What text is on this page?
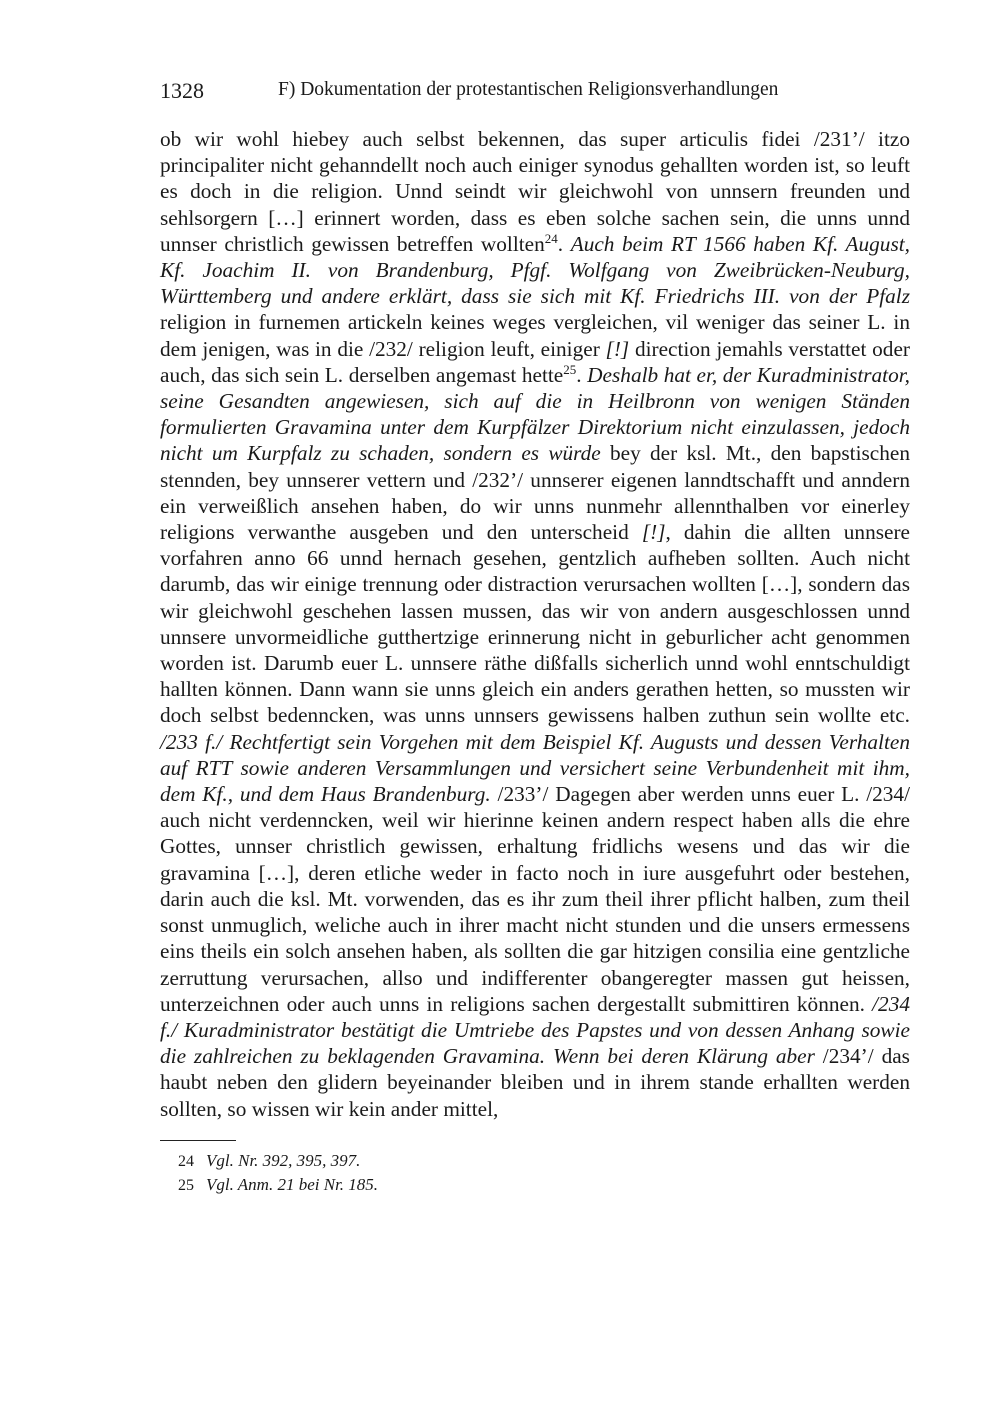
1328	F) Dokumentation der protestantischen Religionsverhandlungen
ob wir wohl hiebey auch selbst bekennen, das super articulis fidei /231’/ itzo principaliter nicht gehanndellt noch auch einiger synodus gehallten worden ist, so leuft es doch in die religion. Unnd seindt wir gleichwohl von unnsern freunden und sehlsorgern […] erinnert worden, dass es eben solche sachen sein, die unns unnd unnser christlich gewissen betreffen wollten$^{24}$. Auch beim RT 1566 haben Kf. August, Kf. Joachim II. von Brandenburg, Pfgf. Wolfgang von Zweibrücken-Neuburg, Württemberg und andere erklärt, dass sie sich mit Kf. Friedrichs III. von der Pfalz religion in furnemen artickeln keines weges vergleichen, vil weniger das seiner L. in dem jenigen, was in die /232/ religion leuft, einiger [!] direction jemahls verstattet oder auch, das sich sein L. derselben angemast hette$^{25}$. Deshalb hat er, der Kuradministrator, seine Gesandten angewiesen, sich auf die in Heilbronn von wenigen Ständen formulierten Gravamina unter dem Kurpfälzer Direktorium nicht einzulassen, jedoch nicht um Kurpfalz zu schaden, sondern es würde bey der ksl. Mt., den bapstischen stennden, bey unnserer vettern und /232’/ unnserer eigenen lanndtschafft und anndern ein verweißlich ansehen haben, do wir unns nunmehr allennthalben vor einerley religions verwanthe ausgeben und den unterscheid [!], dahin die allten unnsere vorfahren anno 66 unnd hernach gesehen, gentzlich aufheben sollten. Auch nicht darumb, das wir einige trennung oder distraction verursachen wollten […], sondern das wir gleichwohl geschehen lassen mussen, das wir von andern ausgeschlossen unnd unnsere unvormeidliche gutthertzige erinnerung nicht in geburlicher acht genommen worden ist. Darumb euer L. unnsere räthe dißfalls sicherlich unnd wohl enntschuldigt hallten können. Dann wann sie unns gleich ein anders gerathen hetten, so mussten wir doch selbst bedenncken, was unns unnsers gewissens halben zuthun sein wollte etc. /233 f./ Rechtfertigt sein Vorgehen mit dem Beispiel Kf. Augusts und dessen Verhalten auf RTT sowie anderen Versammlungen und versichert seine Verbundenheit mit ihm, dem Kf., und dem Haus Brandenburg. /233’/ Dagegen aber werden unns euer L. /234/ auch nicht verdenncken, weil wir hierinne keinen andern respect haben alls die ehre Gottes, unnser christlich gewissen, erhaltung fridlichs wesens und das wir die gravamina […], deren etliche weder in facto noch in iure ausgefuhrt oder bestehen, darin auch die ksl. Mt. vorwenden, das es ihr zum theil ihrer pflicht halben, zum theil sonst unmuglich, weliche auch in ihrer macht nicht stunden und die unsers ermessens eins theils ein solch ansehen haben, als sollten die gar hitzigen consilia eine gentzliche zerruttung verursachen, allso und indifferenter obangeregter massen gut heissen, unterzeichnen oder auch unns in religions sachen dergestallt submittiren können. /234 f./ Kuradministrator bestätigt die Umtriebe des Papstes und von dessen Anhang sowie die zahlreichen zu beklagenden Gravamina. Wenn bei deren Klärung aber /234’/ das haubt neben den glidern beyeinander bleiben und in ihrem stande erhallten werden sollten, so wissen wir kein ander mittel,
24 Vgl. Nr. 392, 395, 397.
25 Vgl. Anm. 21 bei Nr. 185.
